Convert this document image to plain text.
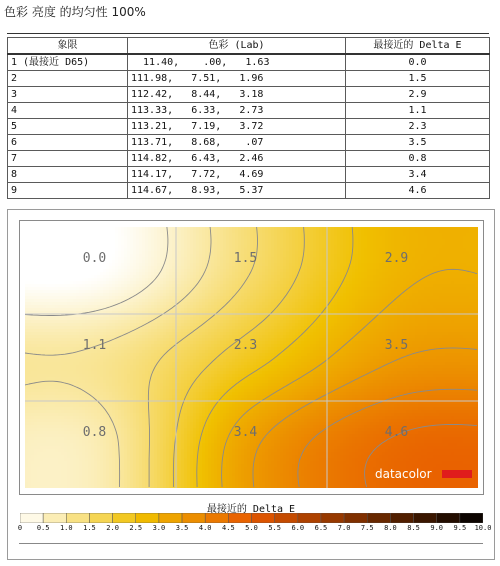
色彩 亮度 的均匀性 100%
象限	色彩 (Lab)	最接近的 Delta E
1 (最接近 D65)	11.40,    .00,   1.63	0.0
2	111.98,   7.51,   1.96	1.5
3	112.42,   8.44,   3.18	2.9
4	113.33,   6.33,   2.73	1.1
5	113.21,   7.19,   3.72	2.3
6	113.71,   8.68,    .07	3.5
7	114.82,   6.43,   2.46	0.8
8	114.17,   7.72,   4.69	3.4
9	114.67,   8.93,   5.37	4.6
0.0	1.5	2.9
1.1	2.3	3.5
0.8	3.4	4.6
datacolor
最接近的 Delta E
0 0.5 1.0 1.5 2.0 2.5 3.0 3.5 4.0 4.5 5.0 5.5 6.0 6.5 7.0 7.5 8.0 8.5 9.0 9.5 10.0
